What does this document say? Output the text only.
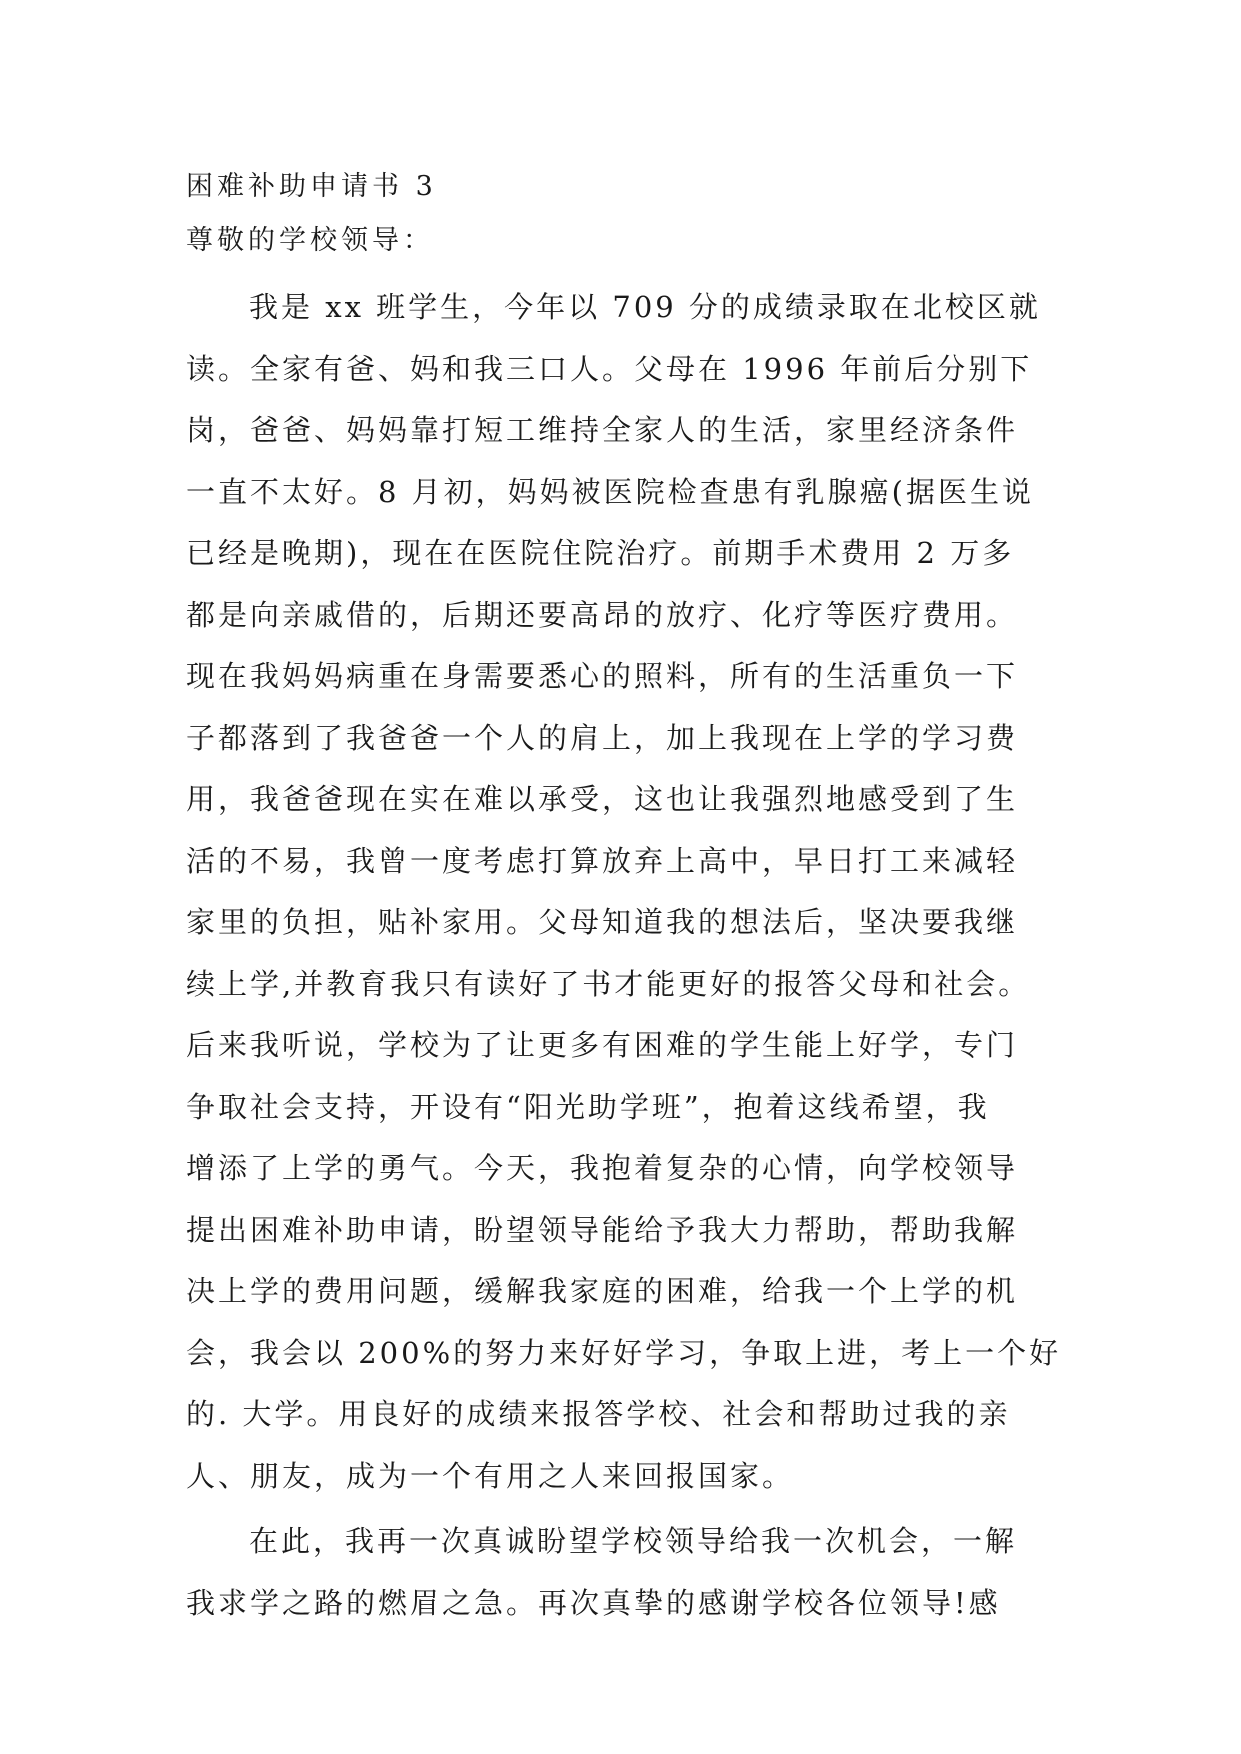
困难补助申请书 3
尊敬的学校领导：
我是 xx 班学生，今年以 709 分的成绩录取在北校区就
读。全家有爸、妈和我三口人。父母在 1996 年前后分别下
岗，爸爸、妈妈靠打短工维持全家人的生活，家里经济条件
一直不太好。8 月初，妈妈被医院检查患有乳腺癌(据医生说
已经是晚期)，现在在医院住院治疗。前期手术费用 2 万多
都是向亲戚借的，后期还要高昂的放疗、化疗等医疗费用。
现在我妈妈病重在身需要悉心的照料，所有的生活重负一下
子都落到了我爸爸一个人的肩上，加上我现在上学的学习费
用，我爸爸现在实在难以承受，这也让我强烈地感受到了生
活的不易，我曾一度考虑打算放弃上高中，早日打工来减轻
家里的负担，贴补家用。父母知道我的想法后，坚决要我继
续上学,并教育我只有读好了书才能更好的报答父母和社会。
后来我听说，学校为了让更多有困难的学生能上好学，专门
争取社会支持，开设有“阳光助学班”，抱着这线希望，我
增添了上学的勇气。今天，我抱着复杂的心情，向学校领导
提出困难补助申请，盼望领导能给予我大力帮助，帮助我解
决上学的费用问题，缓解我家庭的困难，给我一个上学的机
会，我会以 200%的努力来好好学习，争取上进，考上一个好
的. 大学。用良好的成绩来报答学校、社会和帮助过我的亲
人、朋友，成为一个有用之人来回报国家。
在此，我再一次真诚盼望学校领导给我一次机会，一解
我求学之路的燃眉之急。再次真挚的感谢学校各位领导!感
